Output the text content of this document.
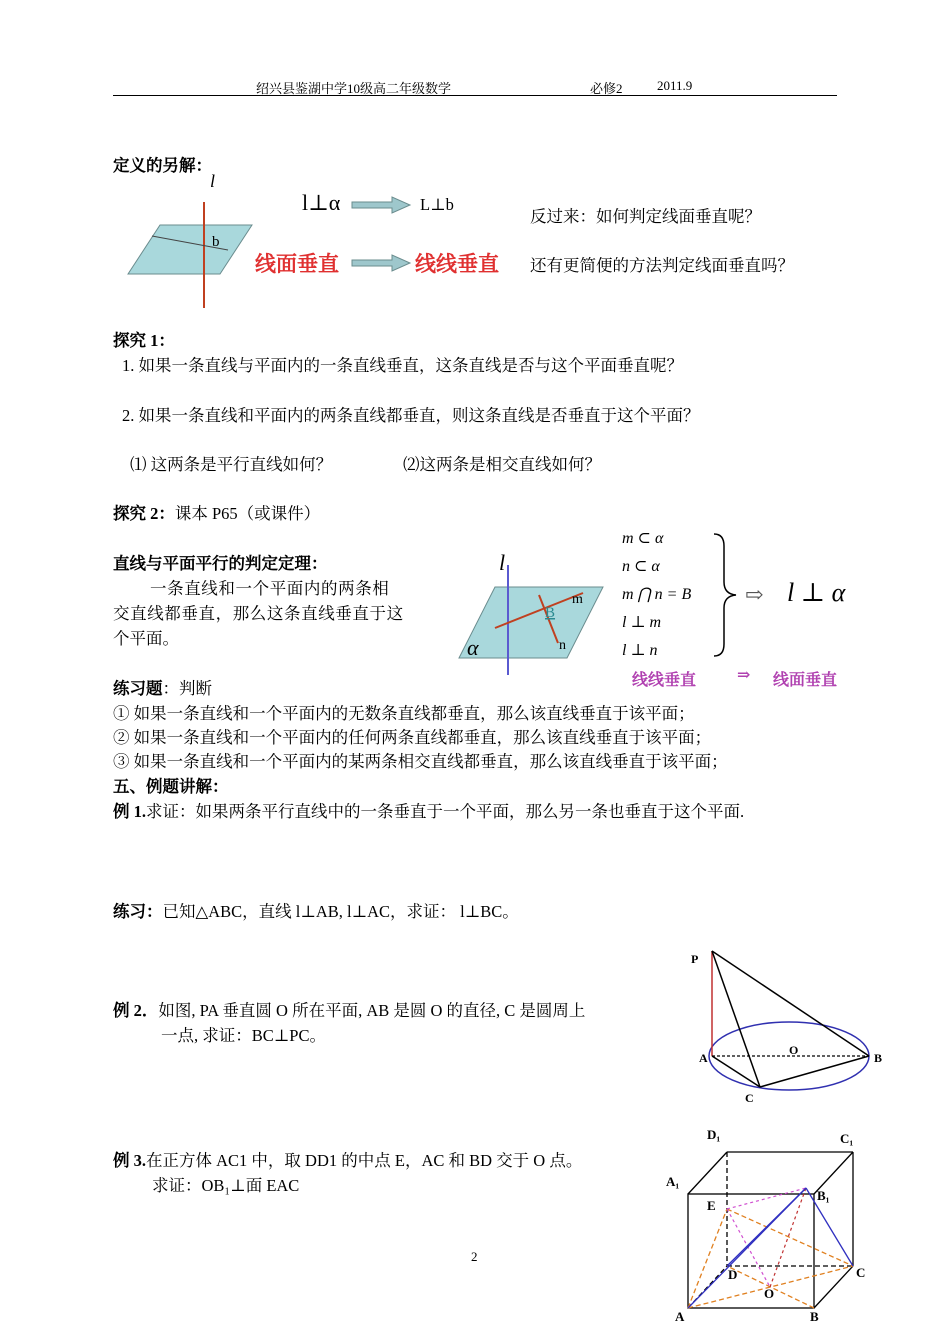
绍兴县鉴湖中学10级高二年级数学	必修2	2011.9
定义的另解：
l
b
l⊥α	L⊥b
线面垂直	线线垂直
反过来：如何判定线面垂直呢？
还有更简便的方法判定线面垂直吗？
探究 1：
1. 如果一条直线与平面内的一条直线垂直，这条直线是否与这个平面垂直呢？
2. 如果一条直线和平面内的两条直线都垂直，则这条直线是否垂直于这个平面？
⑴ 这两条是平行直线如何？	⑵这两条是相交直线如何？
探究 2：课本 P65（或课件）
直线与平面平行的判定定理：
一条直线和一个平面内的两条相
交直线都垂直，那么这条直线垂直于这
个平面。
l
α
B
m
n
m ⊂ α
n ⊂ α
m ⋂ n = B
l ⊥ m
l ⊥ n
⇨ l ⊥ α
线线垂直	⇒ 线面垂直
练习题：判断
① 如果一条直线和一个平面内的无数条直线都垂直，那么该直线垂直于该平面；
② 如果一条直线和一个平面内的任何两条直线都垂直，那么该直线垂直于该平面；
③ 如果一条直线和一个平面内的某两条相交直线都垂直，那么该直线垂直于该平面；
五、例题讲解：
例 1.求证：如果两条平行直线中的一条垂直于一个平面，那么另一条也垂直于这个平面.
练习：已知△ABC，直线 l⊥AB, l⊥AC，求证： l⊥BC。
例 2．如图, PA 垂直圆 O 所在平面, AB 是圆 O 的直径, C 是圆周上
一点, 求证：BC⊥PC。
P
A
O
B
C
例 3.在正方体 AC1 中，取 DD1 的中点 E，AC 和 BD 交于 O 点。
求证：OB₁⊥面 EAC
D₁	C₁
A₁
B₁
E
D	C
O
A	B
2
